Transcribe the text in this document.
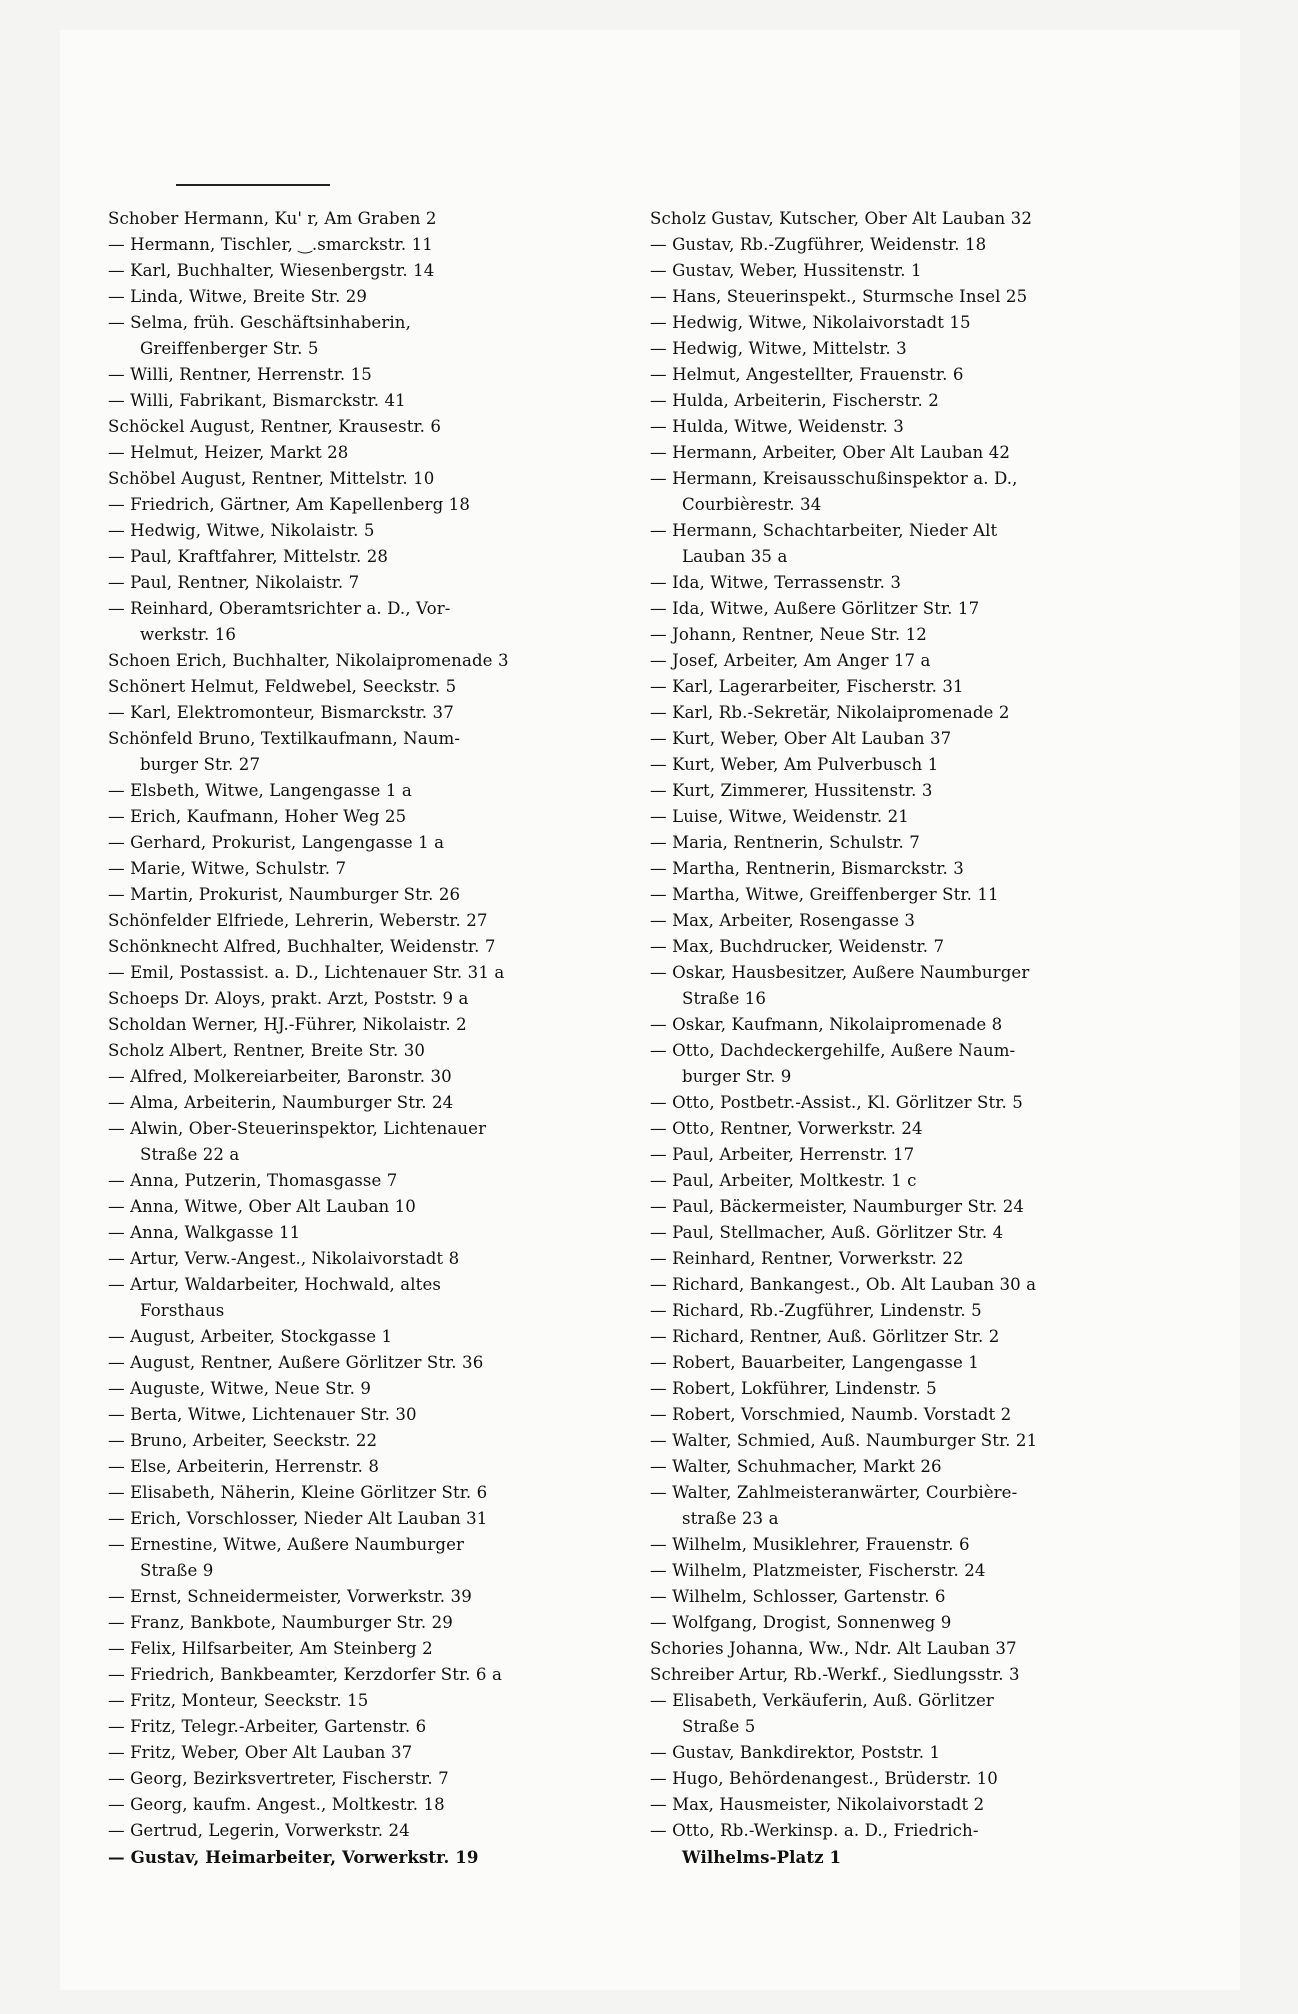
Schober Hermann, Ku' r, Am Graben 2

— Hermann, Tischler, ‿.smarckstr. 11

— Karl, Buchhalter, Wiesenbergstr. 14

— Linda, Witwe, Breite Str. 29

— Selma, früh. Geschäftsinhaberin,

Greiffenberger Str. 5

— Willi, Rentner, Herrenstr. 15

— Willi, Fabrikant, Bismarckstr. 41

Schöckel August, Rentner, Krausestr. 6

— Helmut, Heizer, Markt 28

Schöbel August, Rentner, Mittelstr. 10

— Friedrich, Gärtner, Am Kapellenberg 18

— Hedwig, Witwe, Nikolaistr. 5

— Paul, Kraftfahrer, Mittelstr. 28

— Paul, Rentner, Nikolaistr. 7

— Reinhard, Oberamtsrichter a. D., Vor-

werkstr. 16

Schoen Erich, Buchhalter, Nikolaipromenade 3

Schönert Helmut, Feldwebel, Seeckstr. 5

— Karl, Elektromonteur, Bismarckstr. 37

Schönfeld Bruno, Textilkaufmann, Naum-

burger Str. 27

— Elsbeth, Witwe, Langengasse 1 a

— Erich, Kaufmann, Hoher Weg 25

— Gerhard, Prokurist, Langengasse 1 a

— Marie, Witwe, Schulstr. 7

— Martin, Prokurist, Naumburger Str. 26

Schönfelder Elfriede, Lehrerin, Weberstr. 27

Schönknecht Alfred, Buchhalter, Weidenstr. 7

— Emil, Postassist. a. D., Lichtenauer Str. 31 a

Schoeps Dr. Aloys, prakt. Arzt, Poststr. 9 a

Scholdan Werner, HJ.-Führer, Nikolaistr. 2

Scholz Albert, Rentner, Breite Str. 30

— Alfred, Molkereiarbeiter, Baronstr. 30

— Alma, Arbeiterin, Naumburger Str. 24

— Alwin, Ober-Steuerinspektor, Lichtenauer

Straße 22 a

— Anna, Putzerin, Thomasgasse 7

— Anna, Witwe, Ober Alt Lauban 10

— Anna, Walkgasse 11

— Artur, Verw.-Angest., Nikolaivorstadt 8

— Artur, Waldarbeiter, Hochwald, altes

Forsthaus

— August, Arbeiter, Stockgasse 1

— August, Rentner, Außere Görlitzer Str. 36

— Auguste, Witwe, Neue Str. 9

— Berta, Witwe, Lichtenauer Str. 30

— Bruno, Arbeiter, Seeckstr. 22

— Else, Arbeiterin, Herrenstr. 8

— Elisabeth, Näherin, Kleine Görlitzer Str. 6

— Erich, Vorschlosser, Nieder Alt Lauban 31

— Ernestine, Witwe, Außere Naumburger

Straße 9

— Ernst, Schneidermeister, Vorwerkstr. 39

— Franz, Bankbote, Naumburger Str. 29

— Felix, Hilfsarbeiter, Am Steinberg 2

— Friedrich, Bankbeamter, Kerzdorfer Str. 6 a

— Fritz, Monteur, Seeckstr. 15

— Fritz, Telegr.-Arbeiter, Gartenstr. 6

— Fritz, Weber, Ober Alt Lauban 37

— Georg, Bezirksvertreter, Fischerstr. 7

— Georg, kaufm. Angest., Moltkestr. 18

— Gertrud, Legerin, Vorwerkstr. 24

— Gustav, Heimarbeiter, Vorwerkstr. 19

Scholz Gustav, Kutscher, Ober Alt Lauban 32

— Gustav, Rb.-Zugführer, Weidenstr. 18

— Gustav, Weber, Hussitenstr. 1

— Hans, Steuerinspekt., Sturmsche Insel 25

— Hedwig, Witwe, Nikolaivorstadt 15

— Hedwig, Witwe, Mittelstr. 3

— Helmut, Angestellter, Frauenstr. 6

— Hulda, Arbeiterin, Fischerstr. 2

— Hulda, Witwe, Weidenstr. 3

— Hermann, Arbeiter, Ober Alt Lauban 42

— Hermann, Kreisausschußinspektor a. D.,

Courbièrestr. 34

— Hermann, Schachtarbeiter, Nieder Alt

Lauban 35 a

— Ida, Witwe, Terrassenstr. 3

— Ida, Witwe, Außere Görlitzer Str. 17

— Johann, Rentner, Neue Str. 12

— Josef, Arbeiter, Am Anger 17 a

— Karl, Lagerarbeiter, Fischerstr. 31

— Karl, Rb.-Sekretär, Nikolaipromenade 2

— Kurt, Weber, Ober Alt Lauban 37

— Kurt, Weber, Am Pulverbusch 1

— Kurt, Zimmerer, Hussitenstr. 3

— Luise, Witwe, Weidenstr. 21

— Maria, Rentnerin, Schulstr. 7

— Martha, Rentnerin, Bismarckstr. 3

— Martha, Witwe, Greiffenberger Str. 11

— Max, Arbeiter, Rosengasse 3

— Max, Buchdrucker, Weidenstr. 7

— Oskar, Hausbesitzer, Außere Naumburger

Straße 16

— Oskar, Kaufmann, Nikolaipromenade 8

— Otto, Dachdeckergehilfe, Außere Naum-

burger Str. 9

— Otto, Postbetr.-Assist., Kl. Görlitzer Str. 5

— Otto, Rentner, Vorwerkstr. 24

— Paul, Arbeiter, Herrenstr. 17

— Paul, Arbeiter, Moltkestr. 1 c

— Paul, Bäckermeister, Naumburger Str. 24

— Paul, Stellmacher, Auß. Görlitzer Str. 4

— Reinhard, Rentner, Vorwerkstr. 22

— Richard, Bankangest., Ob. Alt Lauban 30 a

— Richard, Rb.-Zugführer, Lindenstr. 5

— Richard, Rentner, Auß. Görlitzer Str. 2

— Robert, Bauarbeiter, Langengasse 1

— Robert, Lokführer, Lindenstr. 5

— Robert, Vorschmied, Naumb. Vorstadt 2

— Walter, Schmied, Auß. Naumburger Str. 21

— Walter, Schuhmacher, Markt 26

— Walter, Zahlmeisteranwärter, Courbière-

straße 23 a

— Wilhelm, Musiklehrer, Frauenstr. 6

— Wilhelm, Platzmeister, Fischerstr. 24

— Wilhelm, Schlosser, Gartenstr. 6

— Wolfgang, Drogist, Sonnenweg 9

Schories Johanna, Ww., Ndr. Alt Lauban 37

Schreiber Artur, Rb.-Werkf., Siedlungsstr. 3

— Elisabeth, Verkäuferin, Auß. Görlitzer

Straße 5

— Gustav, Bankdirektor, Poststr. 1

— Hugo, Behördenangest., Brüderstr. 10

— Max, Hausmeister, Nikolaivorstadt 2

— Otto, Rb.-Werkinsp. a. D., Friedrich-

Wilhelms-Platz 1
